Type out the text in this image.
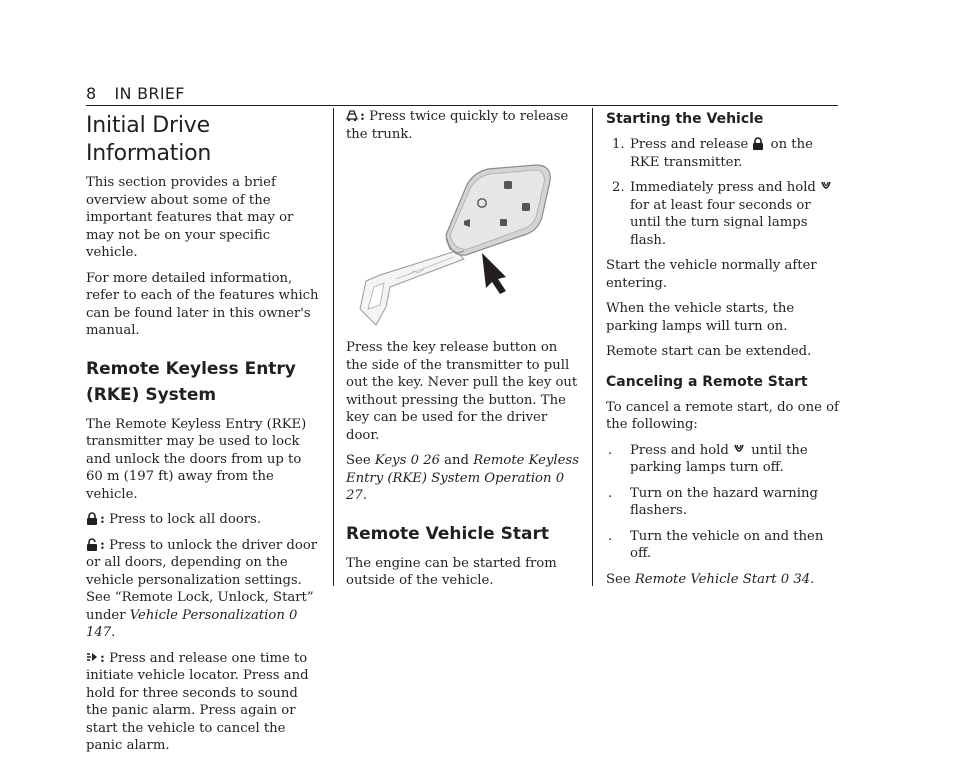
8 IN BRIEF
Initial Drive Information

This section provides a brief overview about some of the important features that may or may not be on your specific vehicle.

For more detailed information, refer to each of the features which can be found later in this owner's manual.

Remote Keyless Entry (RKE) System

The Remote Keyless Entry (RKE) transmitter may be used to lock and unlock the doors from up to 60 m (197 ft) away from the vehicle.

: Press to lock all doors.

: Press to unlock the driver door or all doors, depending on the vehicle personalization settings. See “Remote Lock, Unlock, Start” under Vehicle Personalization 0 147.

: Press and release one time to initiate vehicle locator. Press and hold for three seconds to sound the panic alarm. Press again or start the vehicle to cancel the panic alarm.

: Press twice quickly to release the trunk.

Press the key release button on the side of the transmitter to pull out the key. Never pull the key out without pressing the button. The key can be used for the driver door.

See Keys 0 26 and Remote Keyless Entry (RKE) System Operation 0 27.

Remote Vehicle Start

The engine can be started from outside of the vehicle.

Starting the Vehicle
1. Press and release on the RKE transmitter.
2. Immediately press and hold
for at least four seconds or until the turn signal lamps flash.

Start the vehicle normally after entering.

When the vehicle starts, the parking lamps will turn on.

Remote start can be extended.

Canceling a Remote Start

To cancel a remote start, do one of the following:

. Press and hold until the parking lamps turn off.
. Turn on the hazard warning flashers.
. Turn the vehicle on and then off.

See Remote Vehicle Start 0 34.
